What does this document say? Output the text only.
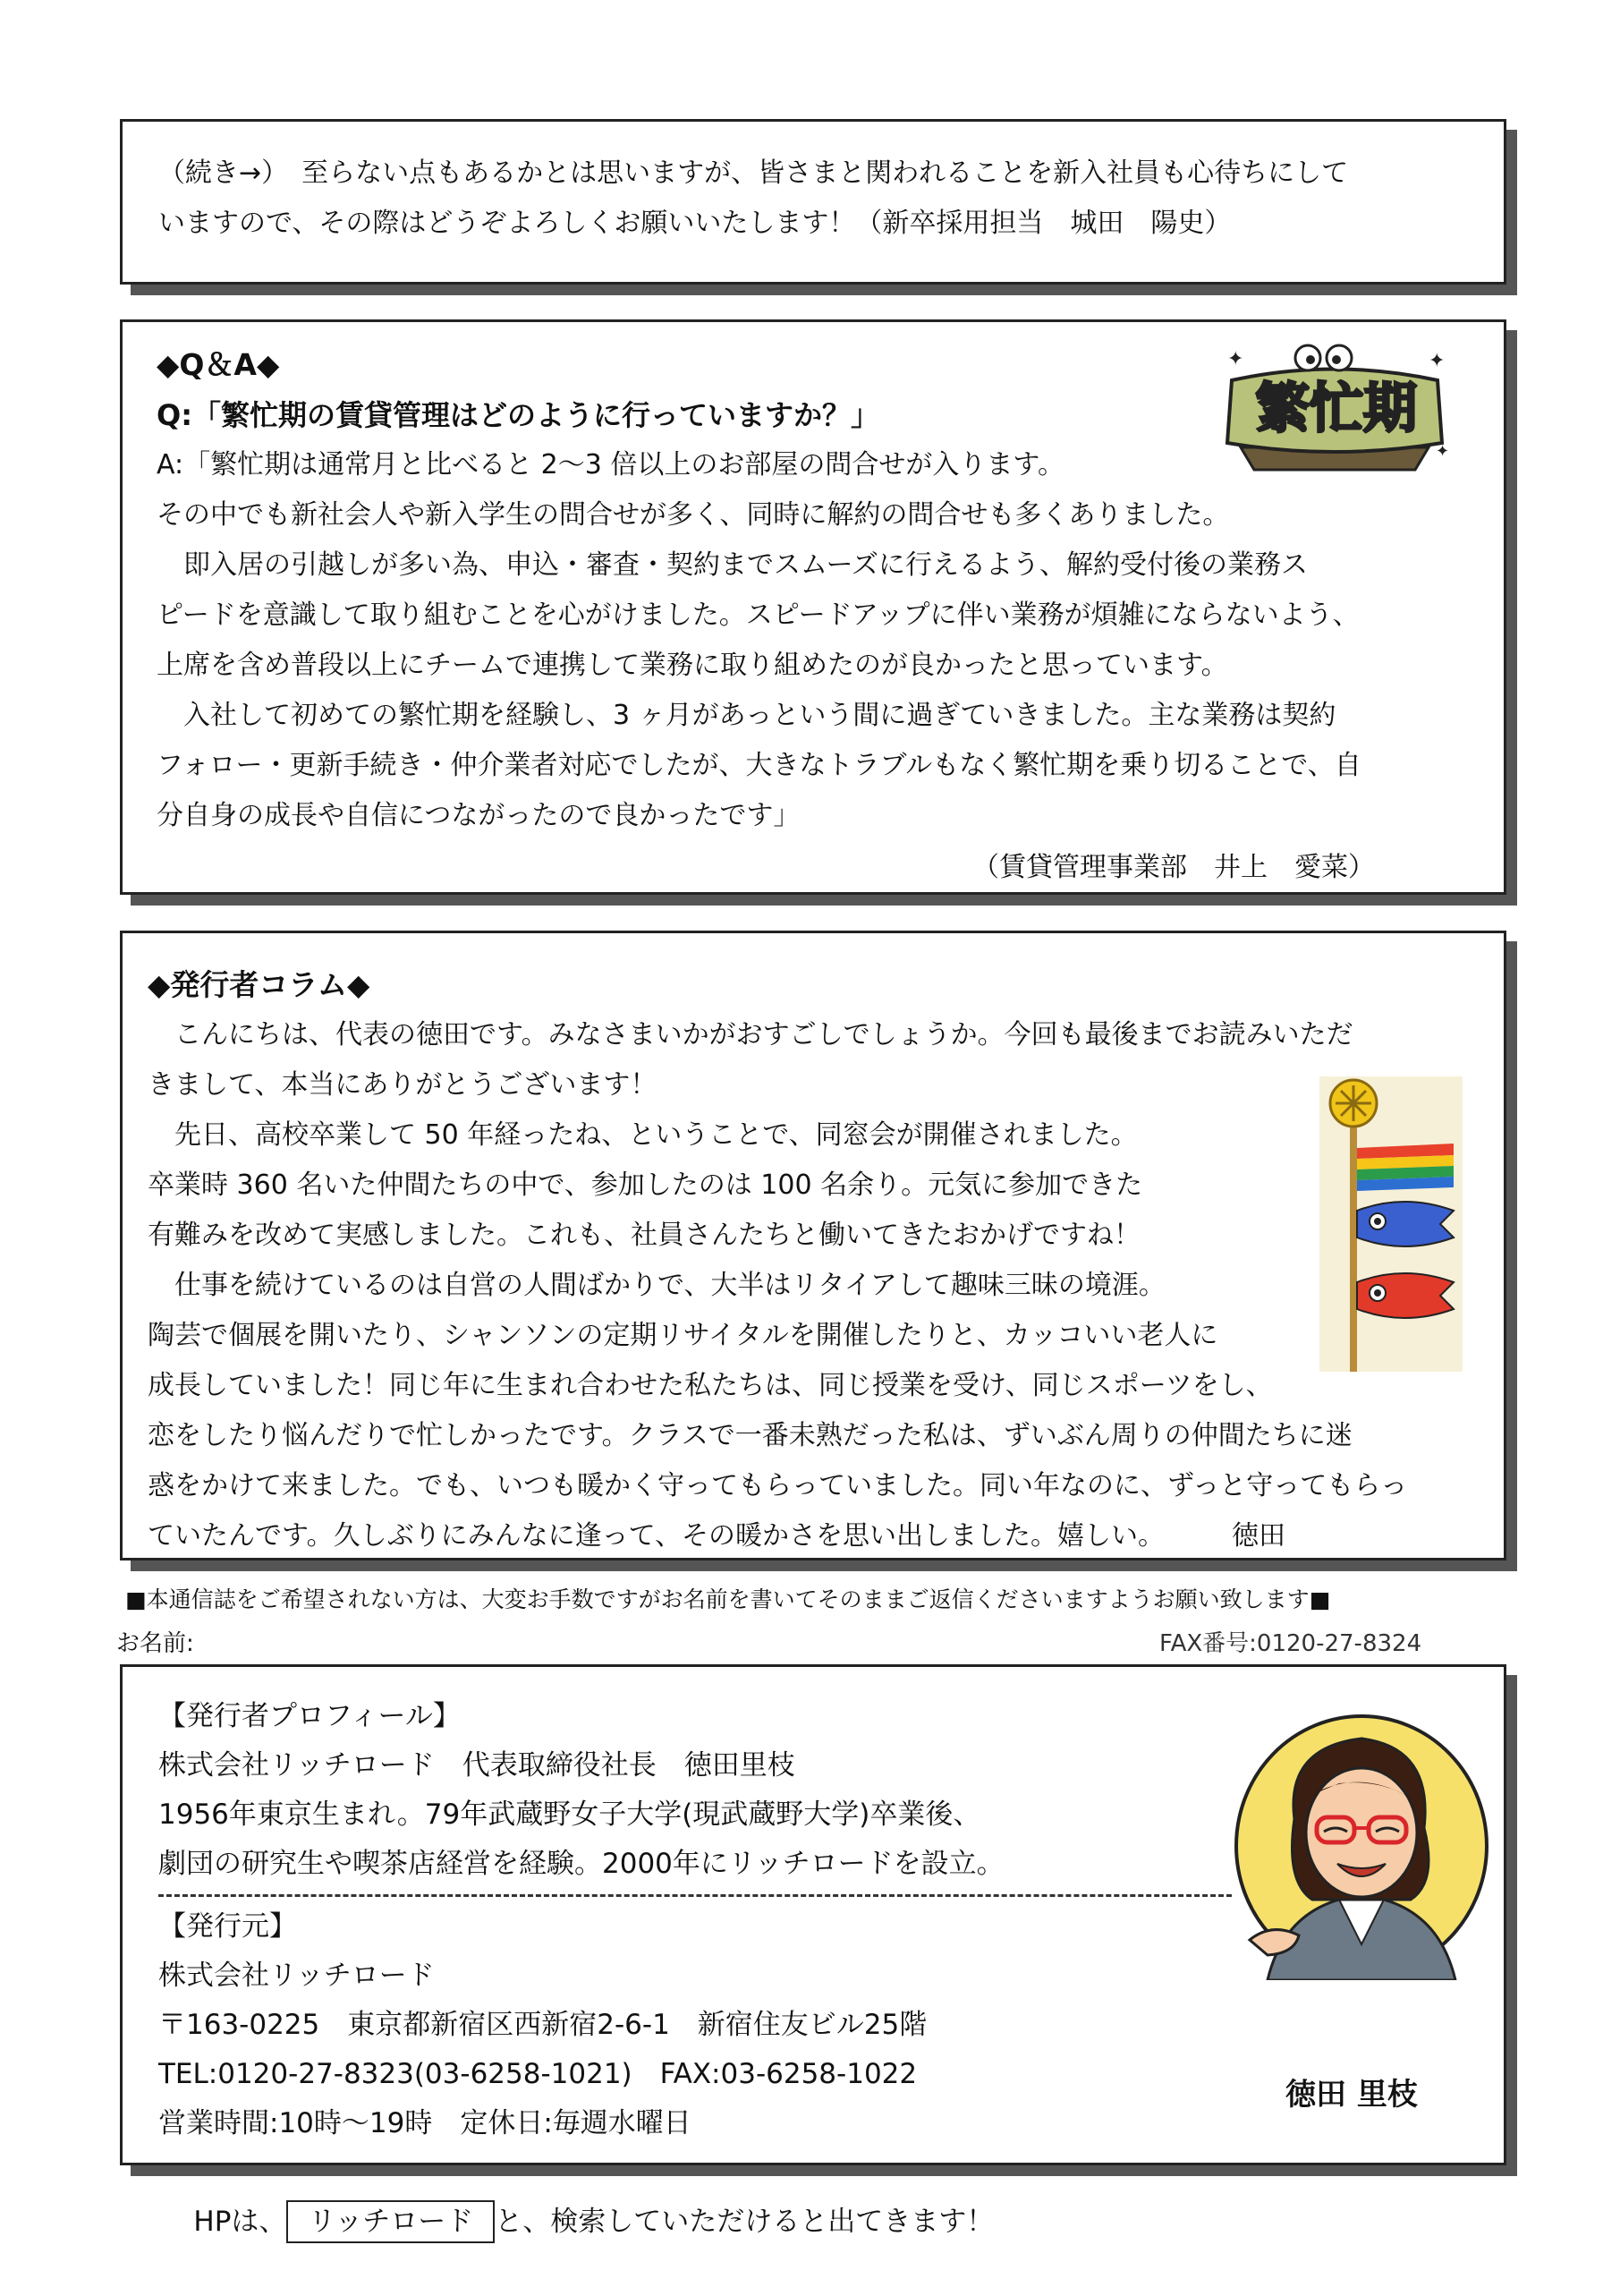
（続き→）　至らない点もあるかとは思いますが、皆さまと関われることを新入社員も心待ちにして
いますので、その際はどうぞよろしくお願いいたします！（新卒採用担当　城田　陽史）
◆Q＆A◆
Q:「繁忙期の賃貸管理はどのように行っていますか？」
A:「繁忙期は通常月と比べると 2～3 倍以上のお部屋の問合せが入ります。
その中でも新社会人や新入学生の問合せが多く、同時に解約の問合せも多くありました。
　即入居の引越しが多い為、申込・審査・契約までスムーズに行えるよう、解約受付後の業務ス
ピードを意識して取り組むことを心がけました。スピードアップに伴い業務が煩雑にならないよう、
上席を含め普段以上にチームで連携して業務に取り組めたのが良かったと思っています。
　入社して初めての繁忙期を経験し、3 ヶ月があっという間に過ぎていきました。主な業務は契約
フォロー・更新手続き・仲介業者対応でしたが、大きなトラブルもなく繁忙期を乗り切ることで、自
分自身の成長や自信につながったので良かったです」
（賃貸管理事業部　井上　愛菜）
✦	✦
✦
繁忙期
◆発行者コラム◆
　こんにちは、代表の徳田です。みなさまいかがおすごしでしょうか。今回も最後までお読みいただ
きまして、本当にありがとうございます！
　先日、高校卒業して 50 年経ったね、ということで、同窓会が開催されました。
卒業時 360 名いた仲間たちの中で、参加したのは 100 名余り。元気に参加できた
有難みを改めて実感しました。これも、社員さんたちと働いてきたおかげですね！
　仕事を続けているのは自営の人間ばかりで、大半はリタイアして趣味三昧の境涯。
陶芸で個展を開いたり、シャンソンの定期リサイタルを開催したりと、カッコいい老人に
成長していました！同じ年に生まれ合わせた私たちは、同じ授業を受け、同じスポーツをし、
恋をしたり悩んだりで忙しかったです。クラスで一番未熟だった私は、ずいぶん周りの仲間たちに迷
惑をかけて来ました。でも、いつも暖かく守ってもらっていました。同い年なのに、ずっと守ってもらっ
ていたんです。久しぶりにみんなに逢って、その暖かさを思い出しました。嬉しい。　　　徳田
■本通信誌をご希望されない方は、大変お手数ですがお名前を書いてそのままご返信くださいますようお願い致します■
お名前:	FAX番号:0120-27-8324
【発行者プロフィール】
株式会社リッチロード　代表取締役社長　徳田里枝
1956年東京生まれ。79年武蔵野女子大学(現武蔵野大学)卒業後、
劇団の研究生や喫茶店経営を経験。2000年にリッチロードを設立。
【発行元】
株式会社リッチロード
〒163-0225　東京都新宿区西新宿2-6-1　新宿住友ビル25階
TEL:0120-27-8323(03-6258-1021)　FAX:03-6258-1022
営業時間:10時～19時　定休日:毎週水曜日

HPは、 リッチロード と、検索していただけると出てきます！

徳田 里枝
